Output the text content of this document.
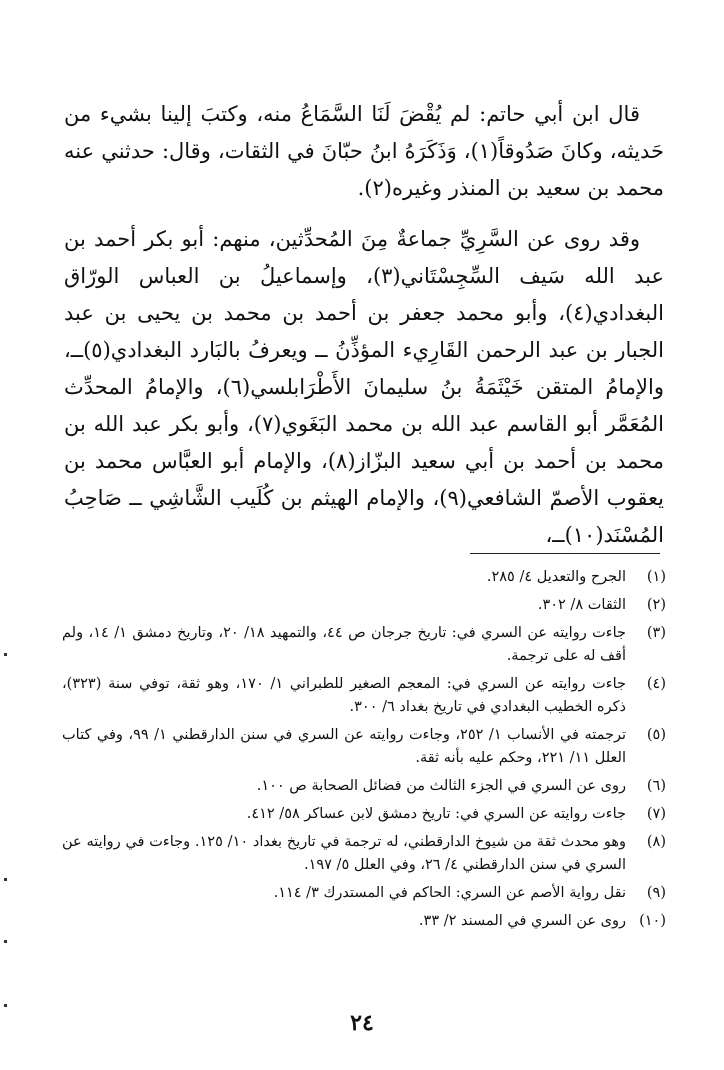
قال ابن أبي حاتم: لم يُقْضَ لَنَا السَّمَاعُ منه، وكتبَ إلينا بشيء من حَديثه، وكانَ صَدُوقاً(١)، وَذَكَرَهُ ابنُ حبّانَ في الثقات، وقال: حدثني عنه محمد بن سعيد بن المنذر وغيره(٢).

وقد روى عن السَّرِيِّ جماعةٌ مِنَ المُحدِّثين، منهم: أبو بكر أحمد بن عبد الله سَيف السِّجِسْتَاني(٣)، وإسماعيلُ بن العباس الورّاق البغدادي(٤)، وأبو محمد جعفر بن أحمد بن محمد بن يحيى بن عبد الجبار بن عبد الرحمن القَارِيء المؤذِّنُ ــ ويعرفُ بالبَارد البغدادي(٥)ــ، والإمامُ المتقن خَيْثَمَةُ بنُ سليمانَ الأَطْرَابلسي(٦)، والإمامُ المحدِّث المُعَمَّر أبو القاسم عبد الله بن محمد البَغَوي(٧)، وأبو بكر عبد الله بن محمد بن أحمد بن أبي سعيد البزّاز(٨)، والإمام أبو العبَّاس محمد بن يعقوب الأصمّ الشافعي(٩)، والإمام الهيثم بن كُلَيب الشَّاشِي ــ صَاحِبُ المُسْنَد(١٠)ــ،

(١)
الجرح والتعديل ٤/ ٢٨٥.
(٢)
الثقات ٨/ ٣٠٢.
(٣)
جاءت روايته عن السري في: تاريخ جرجان ص ٤٤، والتمهيد ١٨/ ٢٠، وتاريخ دمشق ١/ ١٤، ولم أقف له على ترجمة.
(٤)
جاءت روايته عن السري في: المعجم الصغير للطبراني ١/ ١٧٠، وهو ثقة، توفي سنة (٣٢٣)، ذكره الخطيب البغدادي في تاريخ بغداد ٦/ ٣٠٠.
(٥)
ترجمته في الأنساب ١/ ٢٥٢، وجاءت روايته عن السري في سنن الدارقطني ١/ ٩٩، وفي كتاب العلل ١١/ ٢٢١، وحكم عليه بأنه ثقة.
(٦)
روى عن السري في الجزء الثالث من فضائل الصحابة ص ١٠٠.
(٧)
جاءت روايته عن السري في: تاريخ دمشق لابن عساكر ٥٨/ ٤١٢.
(٨)
وهو محدث ثقة من شيوخ الدارقطني، له ترجمة في تاريخ بغداد ١٠/ ١٢٥. وجاءت في روايته عن السري في سنن الدارقطني ٤/ ٢٦، وفي العلل ٥/ ١٩٧.
(٩)
نقل رواية الأصم عن السري: الحاكم في المستدرك ٣/ ١١٤.
(١٠)
روى عن السري في المسند ٢/ ٣٣.
٢٤
